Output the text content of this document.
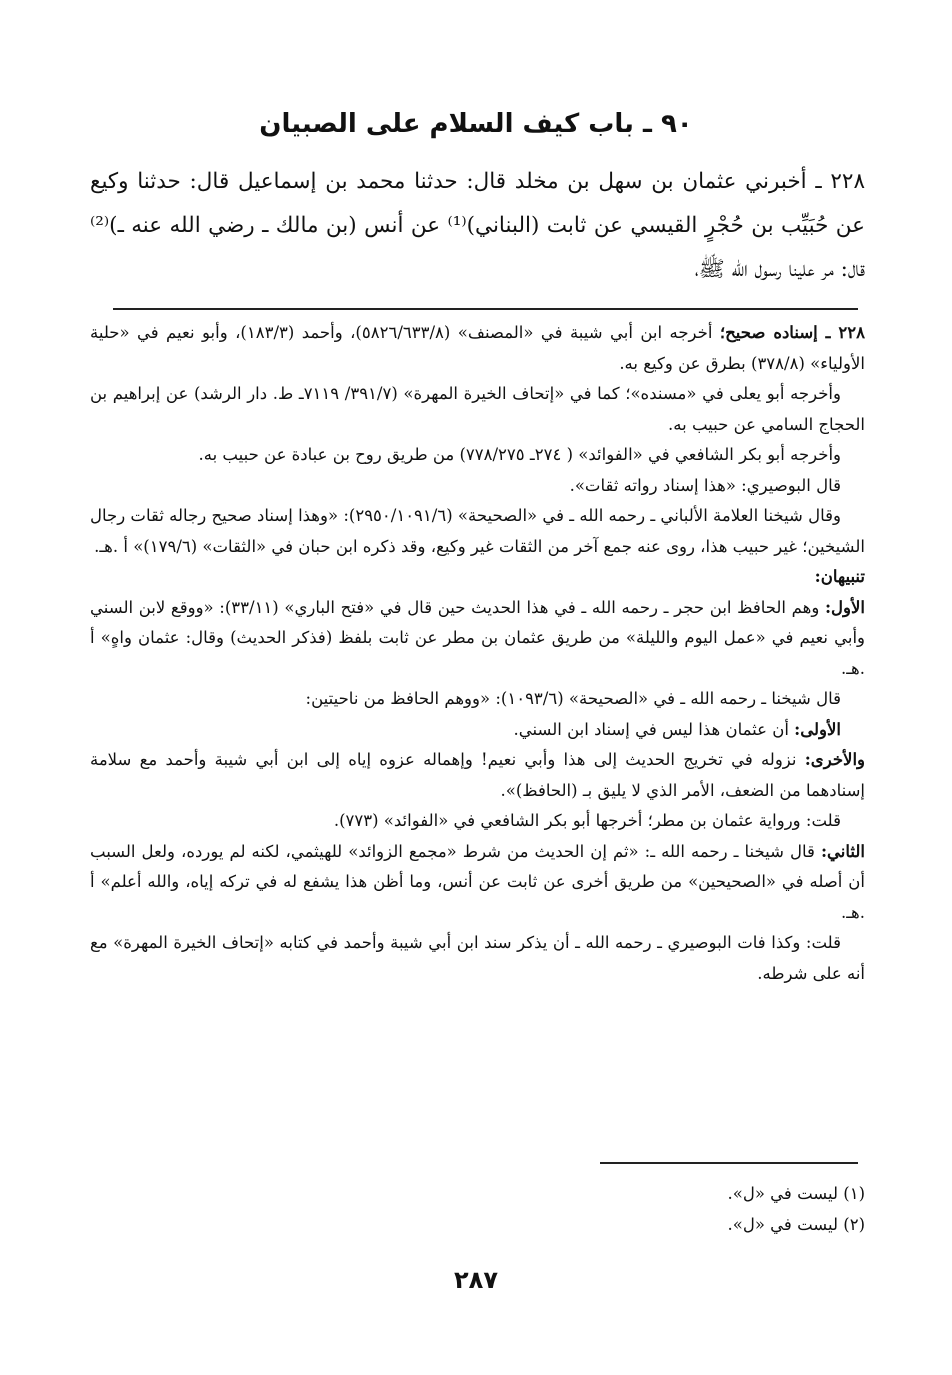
٩٠ ـ باب كيف السلام على الصبيان

٢٢٨ ـ أخبرني عثمان بن سهل بن مخلد قال: حدثنا محمد بن إسماعيل قال: حدثنا وكيع عن حُبَيِّب بن حُجْرٍ القيسي عن ثابت (البناني)⁽¹⁾ عن أنس (بن مالك ـ رضي الله عنه ـ)⁽²⁾ قال: مر علينا رسول الله ﷺ،

٢٢٨ ـ إسناده صحيح؛ أخرجه ابن أبي شيبة في «المصنف» (٥٨٢٦/٦٣٣/٨)، وأحمد (١٨٣/٣)، وأبو نعيم في «حلية الأولياء» (٣٧٨/٨) بطرق عن وكيع به.

وأخرجه أبو يعلى في «مسنده»؛ كما في «إتحاف الخيرة المهرة» (٣٩١/٧/ ٧١١٩ـ ط. دار الرشد) عن إبراهيم بن الحجاج السامي عن حبيب به.

وأخرجه أبو بكر الشافعي في «الفوائد» ( ٢٧٤ـ ٧٧٨/٢٧٥) من طريق روح بن عبادة عن حبيب به.

قال البوصيري: «هذا إسناد رواته ثقات».

وقال شيخنا العلامة الألباني ـ رحمه الله ـ في «الصحيحة» (٢٩٥٠/١٠٩١/٦): «وهذا إسناد صحيح رجاله ثقات رجال الشيخين؛ غير حبيب هذا، روى عنه جمع آخر من الثقات غير وكيع، وقد ذكره ابن حبان في «الثقات» (١٧٩/٦)» أ .هـ.

تنبيهان:

الأول: وهم الحافظ ابن حجر ـ رحمه الله ـ في هذا الحديث حين قال في «فتح الباري» (٣٣/١١): «ووقع لابن السني وأبي نعيم في «عمل اليوم والليلة» من طريق عثمان بن مطر عن ثابت بلفظ (فذكر الحديث) وقال: عثمان واهٍ» أ .هـ.

قال شيخنا ـ رحمه الله ـ في «الصحيحة» (١٠٩٣/٦): «ووهم الحافظ من ناحيتين:

الأولى: أن عثمان هذا ليس في إسناد ابن السني.

والأخرى: نزوله في تخريج الحديث إلى هذا وأبي نعيم! وإهماله عزوه إياه إلى ابن أبي شيبة وأحمد مع سلامة إسنادهما من الضعف، الأمر الذي لا يليق بـ (الحافظ)».

قلت: ورواية عثمان بن مطر؛ أخرجها أبو بكر الشافعي في «الفوائد» (٧٧٣).

الثاني: قال شيخنا ـ رحمه الله ـ: «ثم إن الحديث من شرط «مجمع الزوائد» للهيثمي، لكنه لم يورده، ولعل السبب أن أصله في «الصحيحين» من طريق أخرى عن ثابت عن أنس، وما أظن هذا يشفع له في تركه إياه، والله أعلم» أ .هـ.

قلت: وكذا فات البوصيري ـ رحمه الله ـ أن يذكر سند ابن أبي شيبة وأحمد في كتابه «إتحاف الخيرة المهرة» مع أنه على شرطه.

(١) ليست في «ل».

(٢) ليست في «ل».

٢٨٧
